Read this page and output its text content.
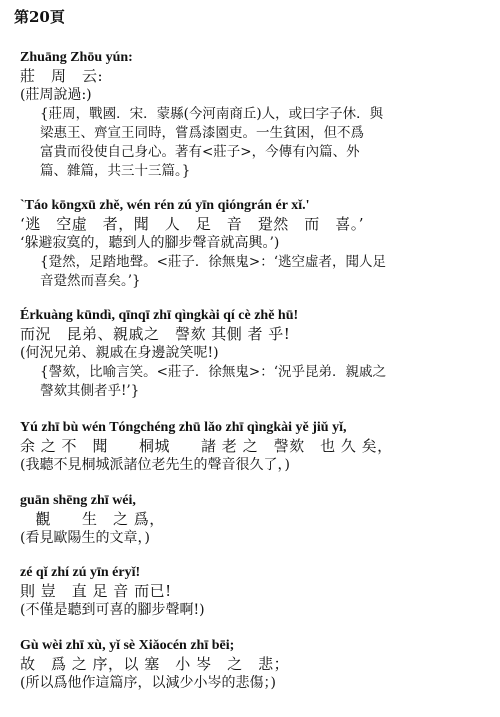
第20頁
Zhuāng Zhōu yún:
莊　周　云:
(莊周說過:)
{莊周，戰國．宋．蒙縣(今河南商丘)人，或曰字子休．與
梁惠王、齊宣王同時，嘗爲漆園吏。一生貧困，但不爲
富貴而役使自己身心。著有<莊子>，今傳有內篇、外
篇、雜篇，共三十三篇。}
`Táo kōngxū zhě, wén rén zú yīn qióngrán ér xǐ.'
‘逃　空虛　者，聞　人　足　音　跫然　而　喜。’
‘躲避寂寞的，聽到人的腳步聲音就高興。’)
{跫然，足踏地聲。<莊子．徐無鬼>：‘逃空虛者，聞人足
音跫然而喜矣。’}
Érkuàng kūndì, qīnqī zhī qìngkài qí cè zhě hū!
而況　昆弟、親戚之　謦欬 其側 者 乎!
(何況兄弟、親戚在身邊說笑呢!)
{謦欬，比喻言笑。<莊子．徐無鬼>：‘況乎昆弟．親戚之
謦欬其側者乎!’}
Yú zhī bù wén Tóngchéng zhū lǎo zhī qìngkài yě jiǔ yǐ,
余 之 不　聞　　桐城　　諸 老 之　謦欬　也 久 矣，
(我聽不見桐城派諸位老先生的聲音很久了，)
guān shēng zhī wéi,
　觀　　生　之 爲，
(看見歐陽生的文章，)
zé qǐ zhí zú yīn éryǐ!
則 豈　直 足 音 而已!
(不僅是聽到可喜的腳步聲啊!)
Gù wèi zhī xù, yǐ sè Xiǎocén zhī bēi;
故　爲 之 序，以 塞　小 岑　之　悲；
(所以爲他作這篇序，以減少小岑的悲傷；)
